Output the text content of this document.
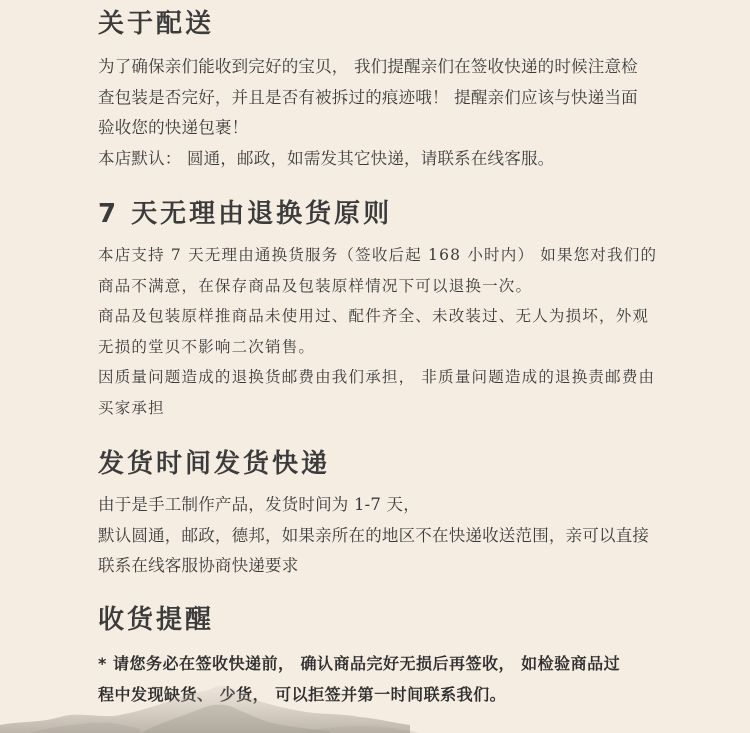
关于配送

为了确保亲们能收到完好的宝贝， 我们提醒亲们在签收快递的时候注意检

查包装是否完好，并且是否有被拆过的痕迹哦！ 提醒亲们应该与快递当面

验收您的快递包裹！

本店默认： 圆通，邮政，如需发其它快递，请联系在线客服。

7 天无理由退换货原则

本店支持 7 天无理由通换货服务（签收后起 168 小时内） 如果您对我们的

商品不满意，在保存商品及包装原样情况下可以退换一次。

商品及包装原样推商品未使用过、配件齐全、未改装过、无人为损坏，外观

无损的堂贝不影响二次销售。

因质量问题造成的退换货邮费由我们承担， 非质量问题造成的退换责邮费由

买家承担

发货时间发货快递

由于是手工制作产品，发货时间为 1-7 天，

默认圆通，邮政，德邦，如果亲所在的地区不在快递收送范围，亲可以直接

联系在线客服协商快递要求

收货提醒

* 请您务必在签收快递前， 确认商品完好无损后再签收， 如检验商品过

程中发现缺货、 少货， 可以拒签并第一时间联系我们。
